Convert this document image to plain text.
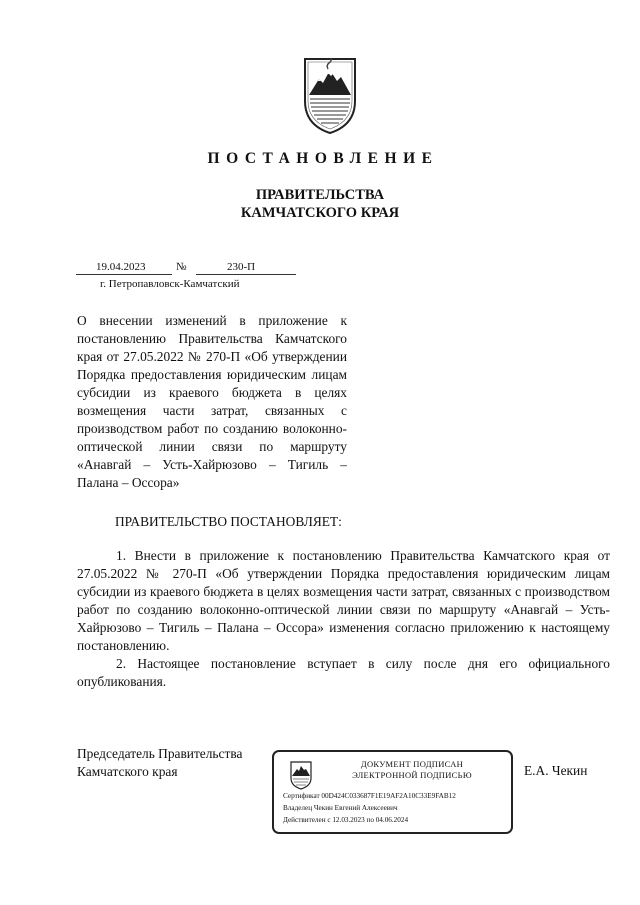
ПОСТАНОВЛЕНИЕ
ПРАВИТЕЛЬСТВА
КАМЧАТСКОГО КРАЯ
19.04.2023	№	230-П
г. Петропавловск-Камчатский
О внесении изменений в приложение к постановлению Правительства Камчатского края от 27.05.2022 № 270-П «Об утверждении Порядка предоставления юридическим лицам субсидии из краевого бюджета в целях возмещения части затрат, связанных с производством работ по созданию волоконно-оптической линии связи по маршруту «Анавгай – Усть-Хайрюзово – Тигиль – Палана – Оссора»
ПРАВИТЕЛЬСТВО ПОСТАНОВЛЯЕТ:

1. Внести в приложение к постановлению Правительства Камчатского края от 27.05.2022 № 270-П «Об утверждении Порядка предоставления юридическим лицам субсидии из краевого бюджета в целях возмещения части затрат, связанных с производством работ по созданию волоконно-оптической линии связи по маршруту «Анавгай – Усть-Хайрюзово – Тигиль – Палана – Оссора» изменения согласно приложению к настоящему постановлению.

2. Настоящее постановление вступает в силу после дня его официального опубликования.

Председатель Правительства
Камчатского края	Е.А. Чекин
ДОКУМЕНТ ПОДПИСАН
ЭЛЕКТРОННОЙ ПОДПИСЬЮ
Сертификат 00D424C033687F1E19AF2A10C33E9FAB12
Владелец Чекин Евгений Алексеевич
Действителен с 12.03.2023 по 04.06.2024
